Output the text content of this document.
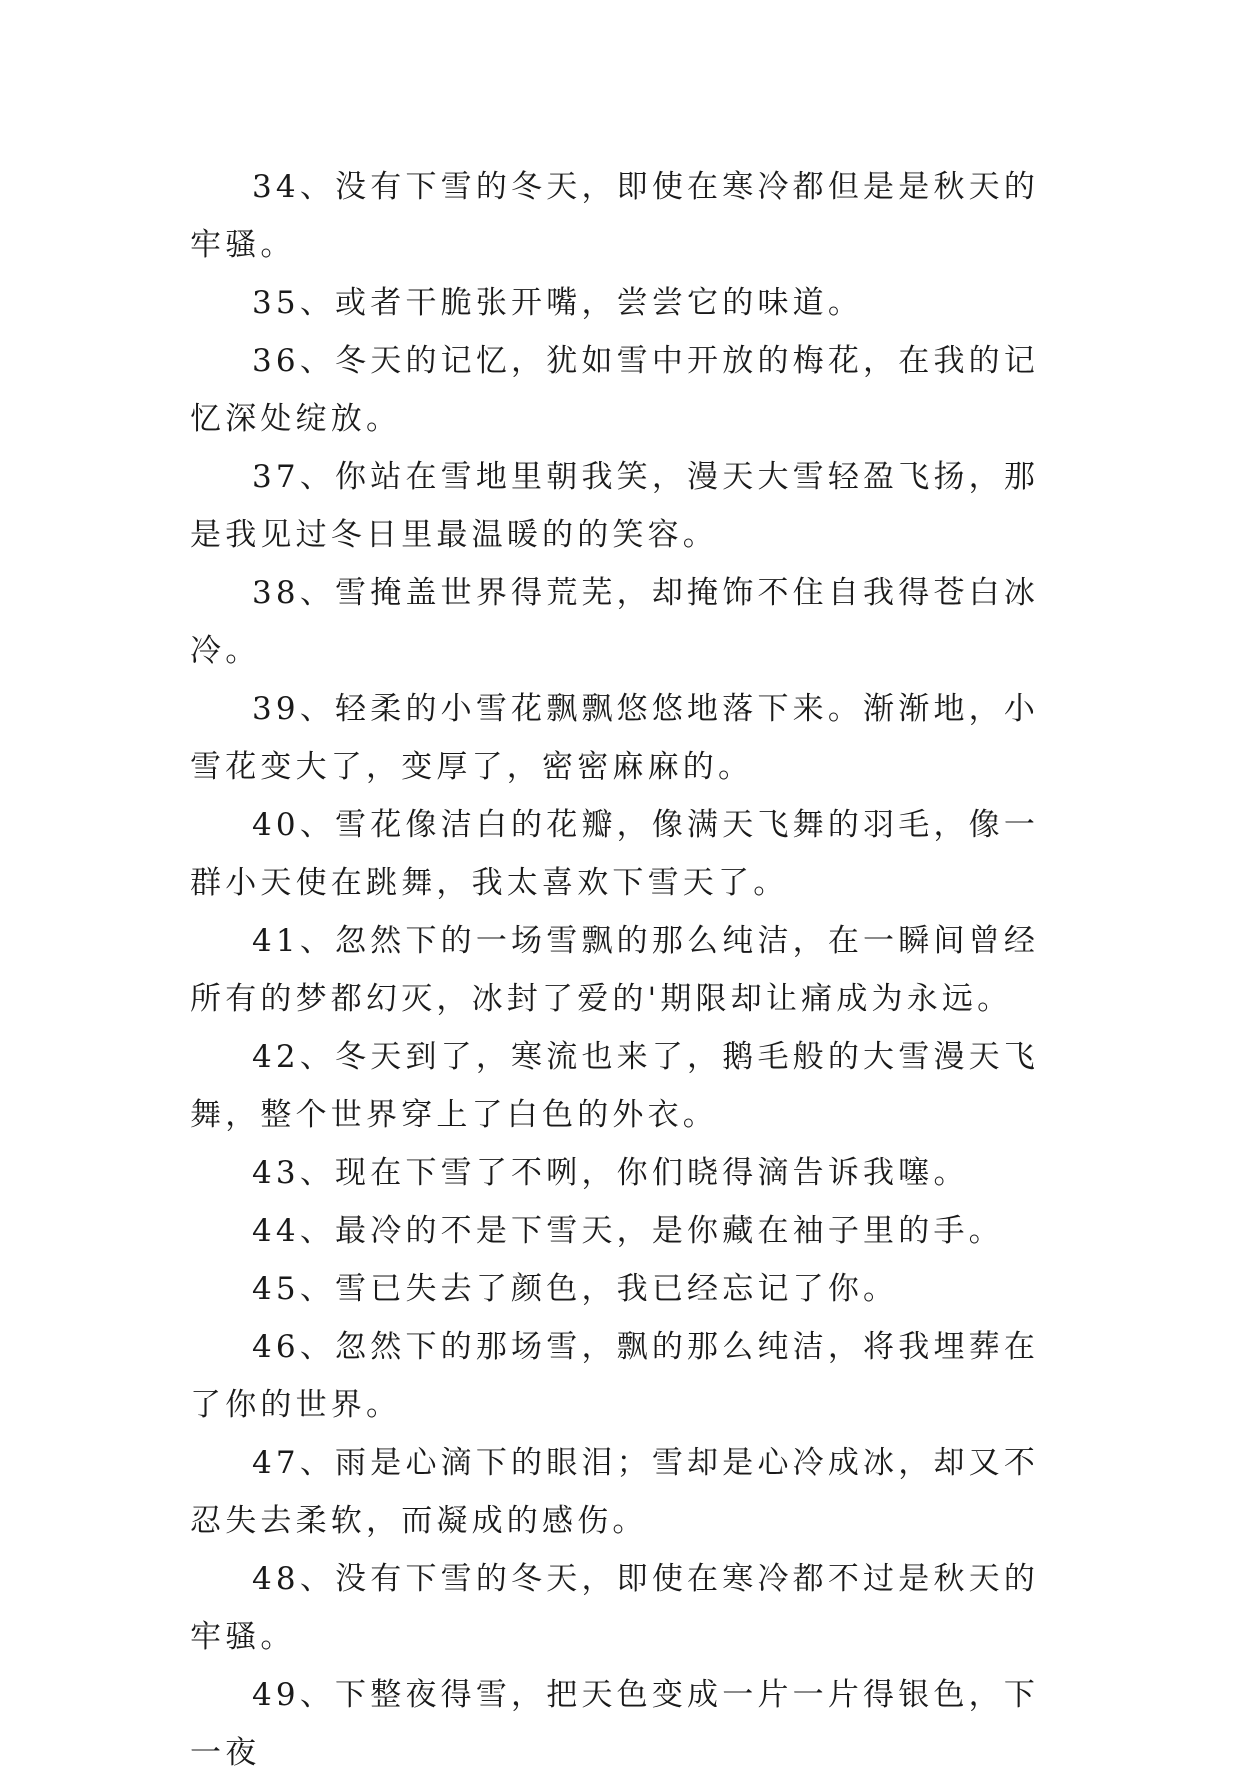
34、没有下雪的冬天，即使在寒冷都但是是秋天的牢骚。

35、或者干脆张开嘴，尝尝它的味道。

36、冬天的记忆，犹如雪中开放的梅花，在我的记忆深处绽放。

37、你站在雪地里朝我笑，漫天大雪轻盈飞扬，那是我见过冬日里最温暖的的笑容。

38、雪掩盖世界得荒芜，却掩饰不住自我得苍白冰冷。

39、轻柔的小雪花飘飘悠悠地落下来。渐渐地，小雪花变大了，变厚了，密密麻麻的。

40、雪花像洁白的花瓣，像满天飞舞的羽毛，像一群小天使在跳舞，我太喜欢下雪天了。

41、忽然下的一场雪飘的那么纯洁，在一瞬间曾经所有的梦都幻灭，冰封了爱的'期限却让痛成为永远。

42、冬天到了，寒流也来了，鹅毛般的大雪漫天飞舞，整个世界穿上了白色的外衣。

43、现在下雪了不咧，你们晓得滴告诉我噻。

44、最冷的不是下雪天，是你藏在袖子里的手。

45、雪已失去了颜色，我已经忘记了你。

46、忽然下的那场雪，飘的那么纯洁，将我埋葬在了你的世界。

47、雨是心滴下的眼泪；雪却是心冷成冰，却又不忍失去柔软，而凝成的感伤。

48、没有下雪的冬天，即使在寒冷都不过是秋天的牢骚。

49、下整夜得雪，把天色变成一片一片得银色，下一夜
